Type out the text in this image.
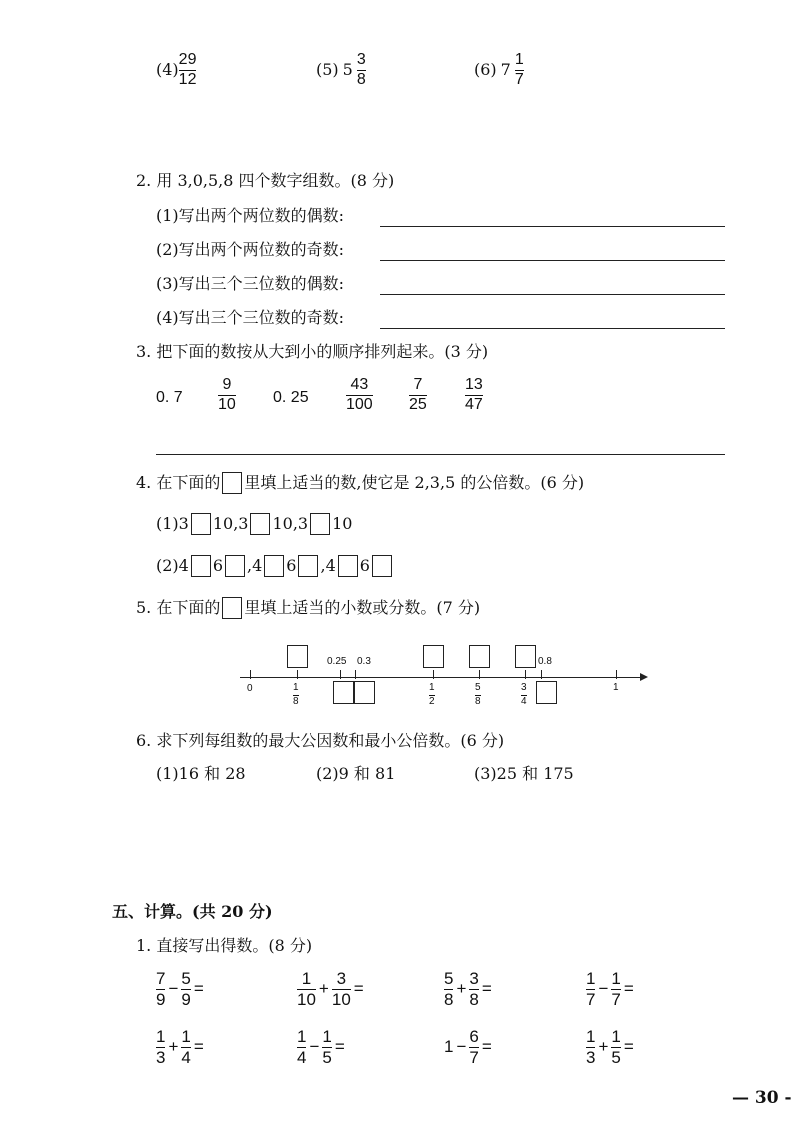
$(4) \frac{29}{12}$	(5) $5 \frac{3}{8}$	(6) $7 \frac{1}{7}$
2. 用 3,0,5,8 四个数字组数。(8 分)
(1)写出两个两位数的偶数:
(2)写出两个两位数的奇数:
(3)写出三个三位数的偶数:
(4)写出三个三位数的奇数:
3. 把下面的数按从大到小的顺序排列起来。(3 分)
0. $7 \frac{9}{10} 0$. $25 \frac{43}{100} \frac{7}{25} \frac{13}{47}$
4. 在下面的 里填上适当的数,使它是 2,3,5 的公倍数。(6 分)
(1)3 10,3 10,3 10
(2)4 6 ,4 6 ,4 6
5. 在下面的 里填上适当的小数或分数。(7 分)
0	1
0.25 0.3	0.8
1
8
1
2
5
8
3
4
6. 求下列每组数的最大公因数和最小公倍数。(6 分)
(1)16 和 28	(2)9 和 81	(3)25 和 175
五、计算。(共 20 分)
1. 直接写出得数。(8 分)
$\frac{7}{9} - \frac{5}{9}$ =	$\frac{1}{10} + \frac{3}{10}$ =	$\frac{5}{8} + \frac{3}{8}$ =	$\frac{1}{7} - \frac{1}{7}$ =
$\frac{1}{3} + \frac{1}{4}$ =	$\frac{1}{4} - \frac{1}{5}$ =	$1 - \frac{6}{7}$ =	$\frac{1}{3} + \frac{1}{5}$ =
— 30 -
